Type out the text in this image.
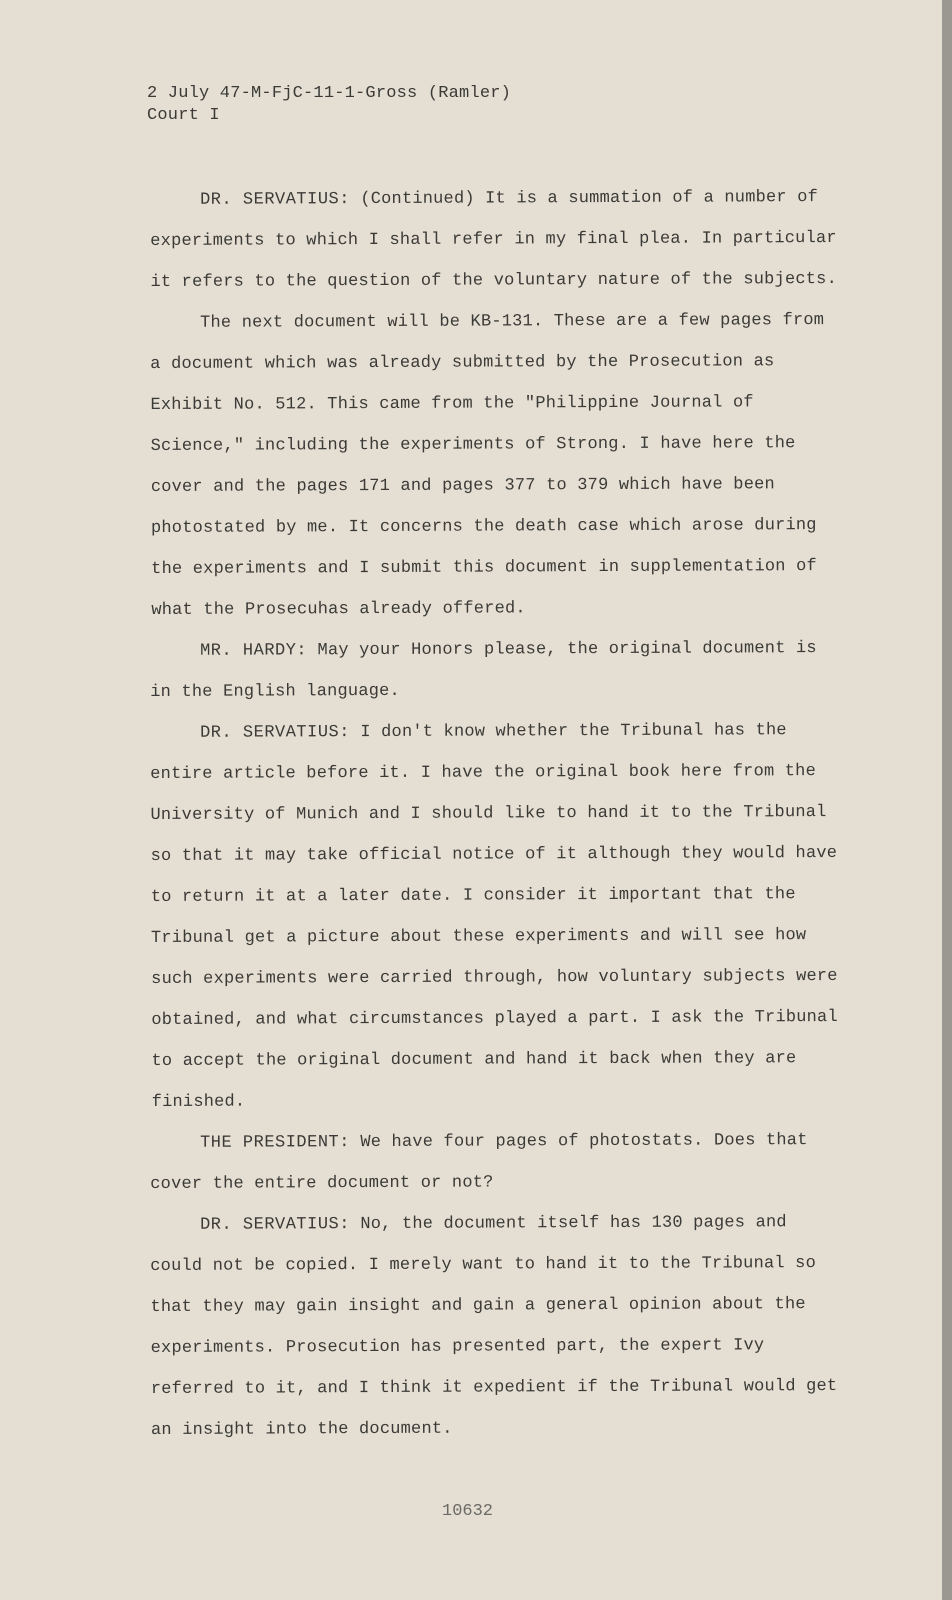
2 July 47-M-FjC-11-1-Gross (Ramler)
Court I

DR. SERVATIUS: (Continued) It is a summation of a number of experiments to which I shall refer in my final plea. In particular it refers to the question of the voluntary nature of the subjects.

The next document will be KB-131. These are a few pages from a document which was already submitted by the Prosecution as Exhibit No. 512. This came from the "Philippine Journal of Science," including the experiments of Strong. I have here the cover and the pages 171 and pages 377 to 379 which have been photostated by me. It concerns the death case which arose during the experiments and I submit this document in supplementation of what the Prosecuhas already offered.

MR. HARDY: May your Honors please, the original document is in the English language.

DR. SERVATIUS: I don't know whether the Tribunal has the entire article before it. I have the original book here from the University of Munich and I should like to hand it to the Tribunal so that it may take official notice of it although they would have to return it at a later date. I consider it important that the Tribunal get a picture about these experiments and will see how such experiments were carried through, how voluntary subjects were obtained, and what circumstances played a part. I ask the Tribunal to accept the original document and hand it back when they are finished.

THE PRESIDENT: We have four pages of photostats. Does that cover the entire document or not?

DR. SERVATIUS: No, the document itself has 130 pages and could not be copied. I merely want to hand it to the Tribunal so that they may gain insight and gain a general opinion about the experiments. Prosecution has presented part, the expert Ivy referred to it, and I think it expedient if the Tribunal would get an insight into the document.

10632
